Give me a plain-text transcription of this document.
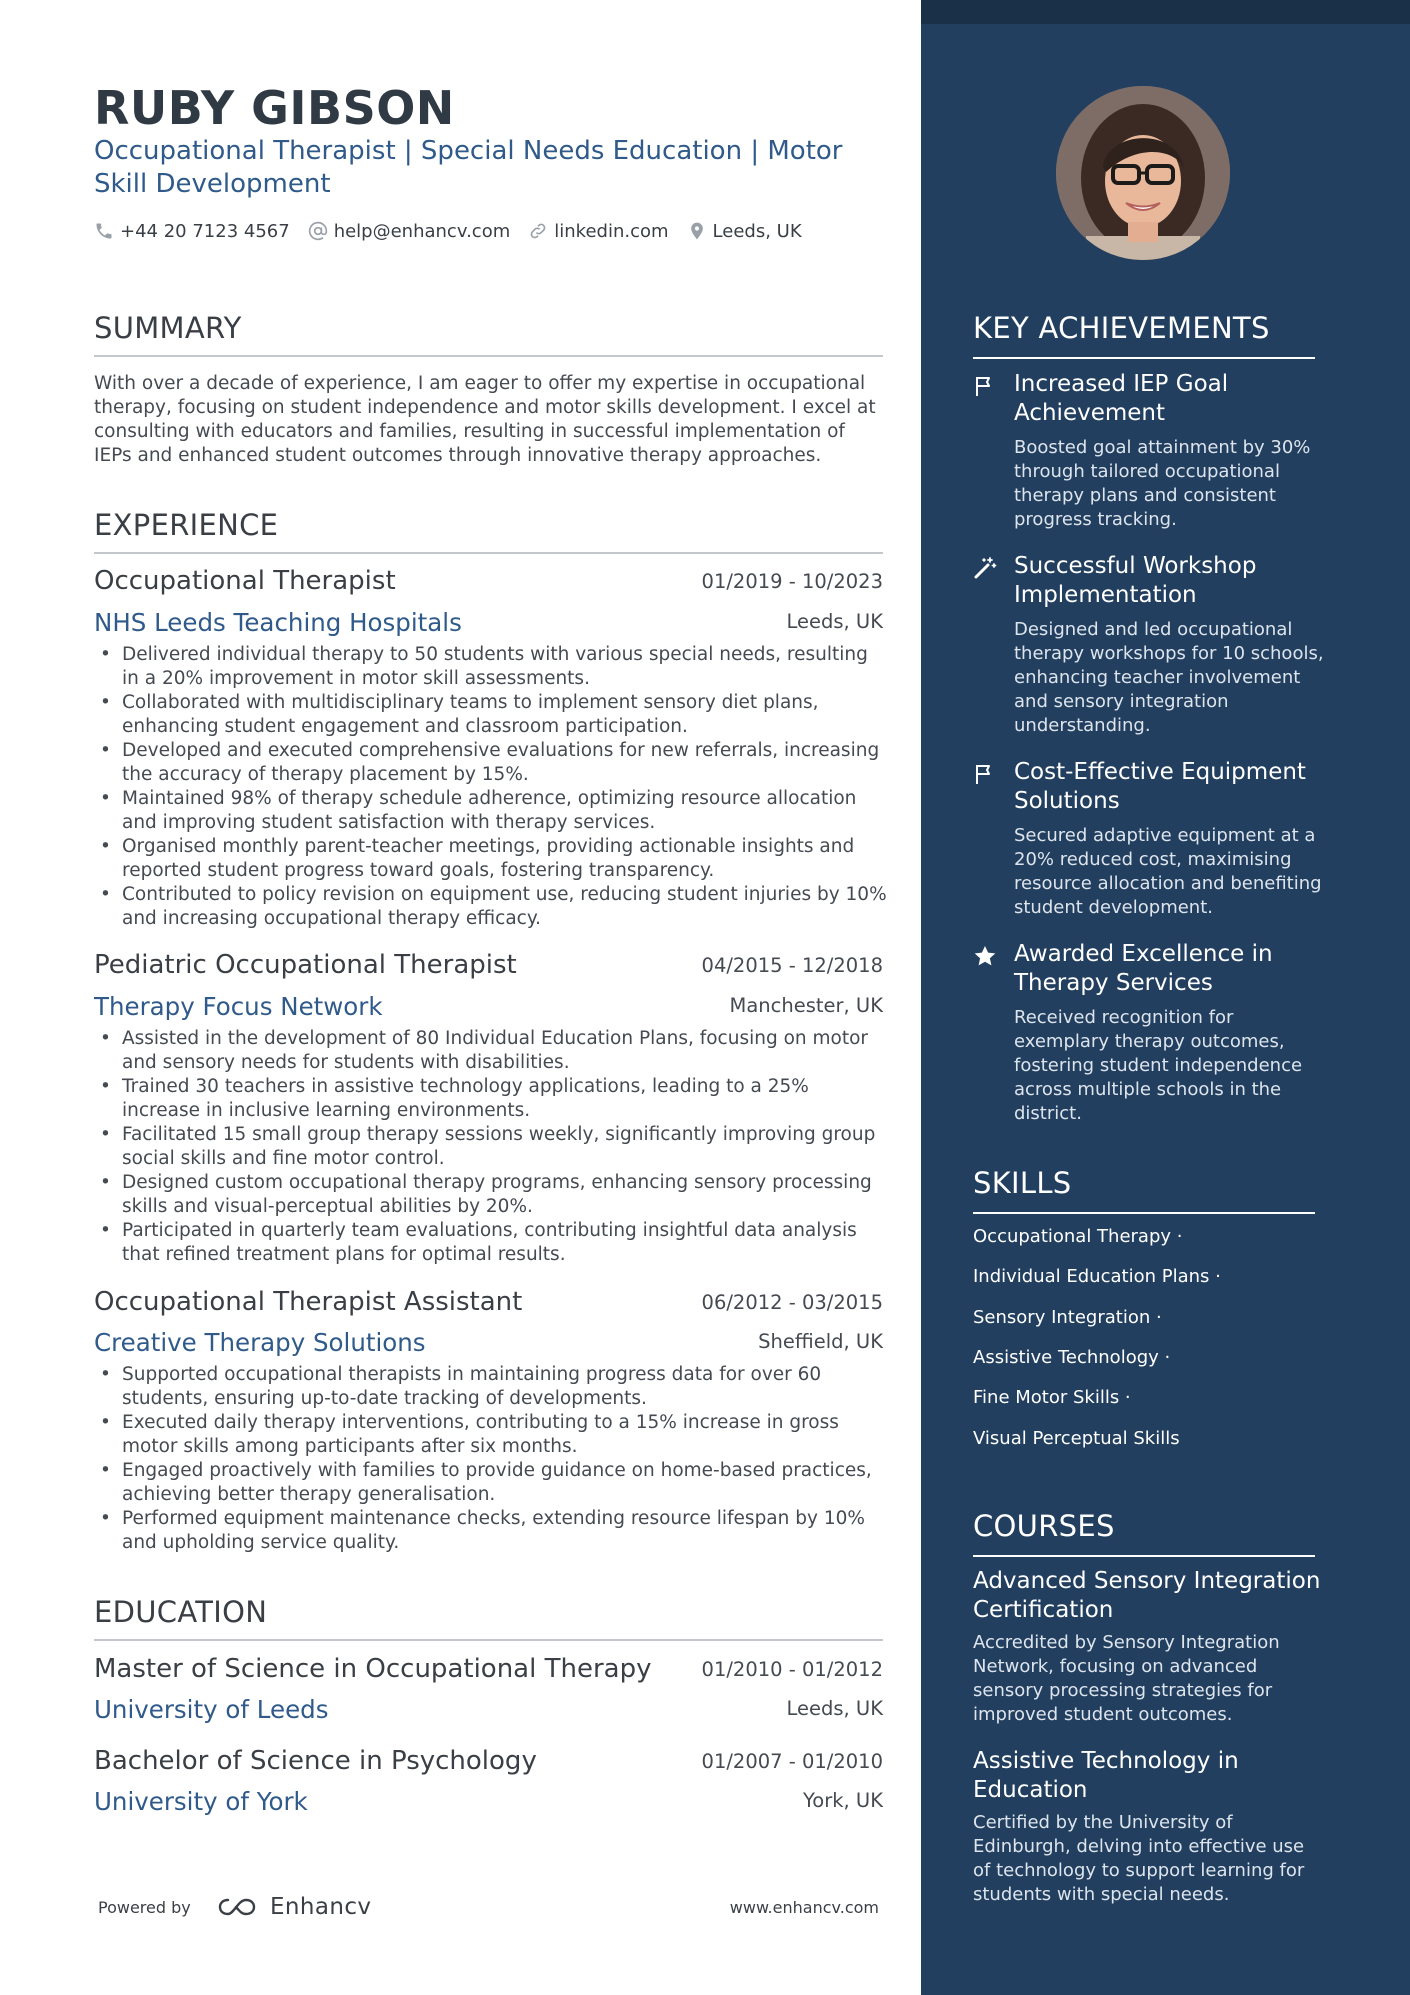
RUBY GIBSON
Occupational Therapist | Special Needs Education | Motor Skill Development
+44 20 7123 4567 help@enhancv.com linkedin.com Leeds, UK
SUMMARY
With over a decade of experience, I am eager to offer my expertise in occupational therapy, focusing on student independence and motor skills development. I excel at consulting with educators and families, resulting in successful implementation of IEPs and enhanced student outcomes through innovative therapy approaches.
EXPERIENCE
Occupational Therapist	01/2019 - 10/2023
NHS Leeds Teaching Hospitals	Leeds, UK
• Delivered individual therapy to 50 students with various special needs, resulting in a 20% improvement in motor skill assessments.
• Collaborated with multidisciplinary teams to implement sensory diet plans, enhancing student engagement and classroom participation.
• Developed and executed comprehensive evaluations for new referrals, increasing the accuracy of therapy placement by 15%.
• Maintained 98% of therapy schedule adherence, optimizing resource allocation and improving student satisfaction with therapy services.
• Organised monthly parent-teacher meetings, providing actionable insights and reported student progress toward goals, fostering transparency.
• Contributed to policy revision on equipment use, reducing student injuries by 10% and increasing occupational therapy efficacy.
Pediatric Occupational Therapist	04/2015 - 12/2018
Therapy Focus Network	Manchester, UK
• Assisted in the development of 80 Individual Education Plans, focusing on motor and sensory needs for students with disabilities.
• Trained 30 teachers in assistive technology applications, leading to a 25% increase in inclusive learning environments.
• Facilitated 15 small group therapy sessions weekly, significantly improving group social skills and fine motor control.
• Designed custom occupational therapy programs, enhancing sensory processing skills and visual-perceptual abilities by 20%.
• Participated in quarterly team evaluations, contributing insightful data analysis that refined treatment plans for optimal results.
Occupational Therapist Assistant	06/2012 - 03/2015
Creative Therapy Solutions	Sheffield, UK
• Supported occupational therapists in maintaining progress data for over 60 students, ensuring up-to-date tracking of developments.
• Executed daily therapy interventions, contributing to a 15% increase in gross motor skills among participants after six months.
• Engaged proactively with families to provide guidance on home-based practices, achieving better therapy generalisation.
• Performed equipment maintenance checks, extending resource lifespan by 10% and upholding service quality.
EDUCATION
Master of Science in Occupational Therapy	01/2010 - 01/2012
University of Leeds	Leeds, UK
Bachelor of Science in Psychology	01/2007 - 01/2010
University of York	York, UK
Powered by	Enhancv	www.enhancv.com
KEY ACHIEVEMENTS
Increased IEP Goal Achievement
Boosted goal attainment by 30% through tailored occupational therapy plans and consistent progress tracking.
Successful Workshop Implementation
Designed and led occupational therapy workshops for 10 schools, enhancing teacher involvement and sensory integration understanding.
Cost-Effective Equipment Solutions
Secured adaptive equipment at a 20% reduced cost, maximising resource allocation and benefiting student development.
Awarded Excellence in Therapy Services
Received recognition for exemplary therapy outcomes, fostering student independence across multiple schools in the district.
SKILLS
Occupational Therapy ·
Individual Education Plans ·
Sensory Integration ·
Assistive Technology ·
Fine Motor Skills ·
Visual Perceptual Skills
COURSES
Advanced Sensory Integration Certification
Accredited by Sensory Integration Network, focusing on advanced sensory processing strategies for improved student outcomes.
Assistive Technology in Education
Certified by the University of Edinburgh, delving into effective use of technology to support learning for students with special needs.
